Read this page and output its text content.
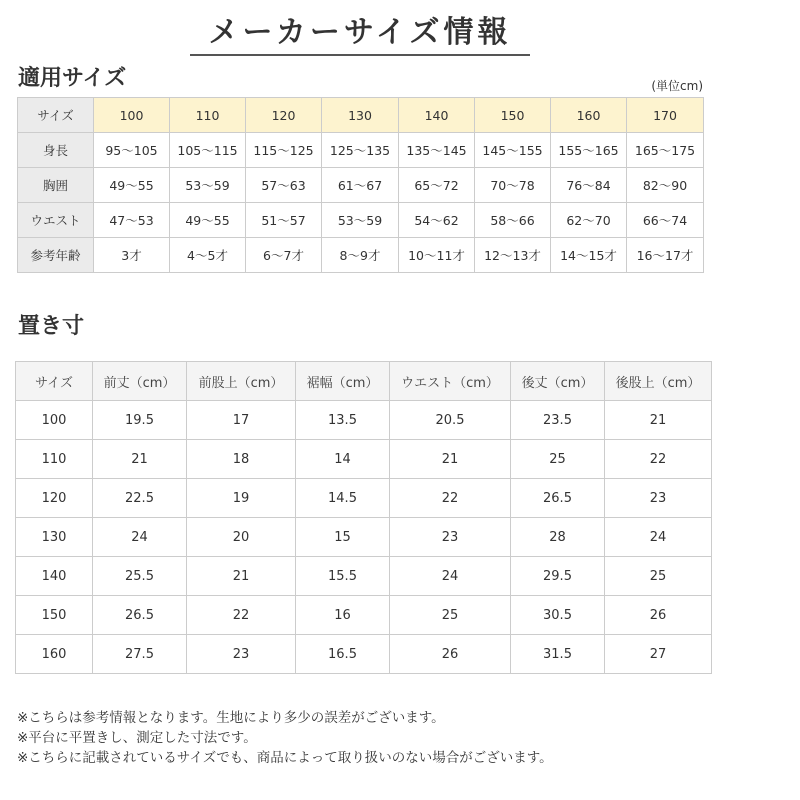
メーカーサイズ情報
適用サイズ	(単位cm)
サイズ	100	110	120	130	140	150	160	170
身長	95〜105	105〜115	115〜125	125〜135	135〜145	145〜155	155〜165	165〜175
胸囲	49〜55	53〜59	57〜63	61〜67	65〜72	70〜78	76〜84	82〜90
ウエスト	47〜53	49〜55	51〜57	53〜59	54〜62	58〜66	62〜70	66〜74
参考年齢	3才	4〜5才	6〜7才	8〜9才	10〜11才	12〜13才	14〜15才	16〜17才
置き寸
サイズ	前丈（cm）	前股上（cm）	裾幅（cm）	ウエスト（cm）	後丈（cm）	後股上（cm）
100	19.5	17	13.5	20.5	23.5	21
110	21	18	14	21	25	22
120	22.5	19	14.5	22	26.5	23
130	24	20	15	23	28	24
140	25.5	21	15.5	24	29.5	25
150	26.5	22	16	25	30.5	26
160	27.5	23	16.5	26	31.5	27
※こちらは参考情報となります。生地により多少の誤差がございます。
※平台に平置きし、測定した寸法です。
※こちらに記載されているサイズでも、商品によって取り扱いのない場合がございます。
